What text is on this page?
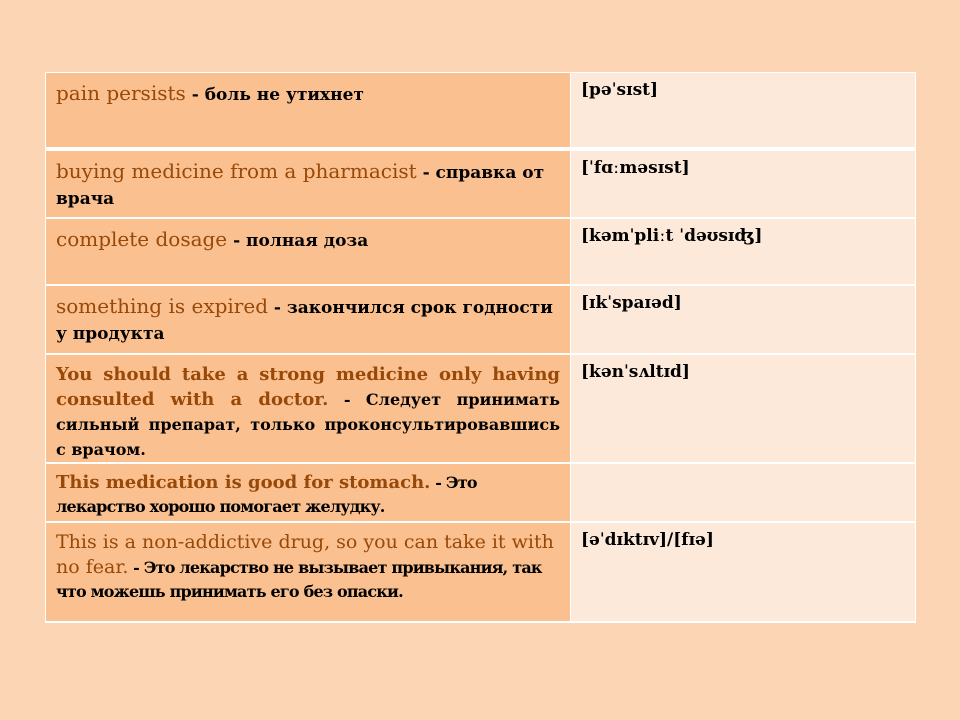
pain persists - боль не утихнет	[pəˈsɪst]

buying medicine from a pharmacist - справка от врача	[ˈfɑːməsɪst]

complete dosage - полная доза	[kəmˈpliːt ˈdəʊsɪʤ]

something is expired - закончился срок годности у продукта	[ɪkˈspaɪəd]

You should take a strong medicine only having consulted with a doctor. - Следует принимать сильный препарат, только проконсультировавшись с врачом.	[kənˈsʌltɪd]

This medication is good for stomach. - Это лекарство хорошо помогает желудку.	

This is a non-addictive drug, so you can take it with no fear. - Это лекарство не вызывает привыкания, так что можешь принимать его без опаски.	[əˈdɪktɪv]/[fɪə]
